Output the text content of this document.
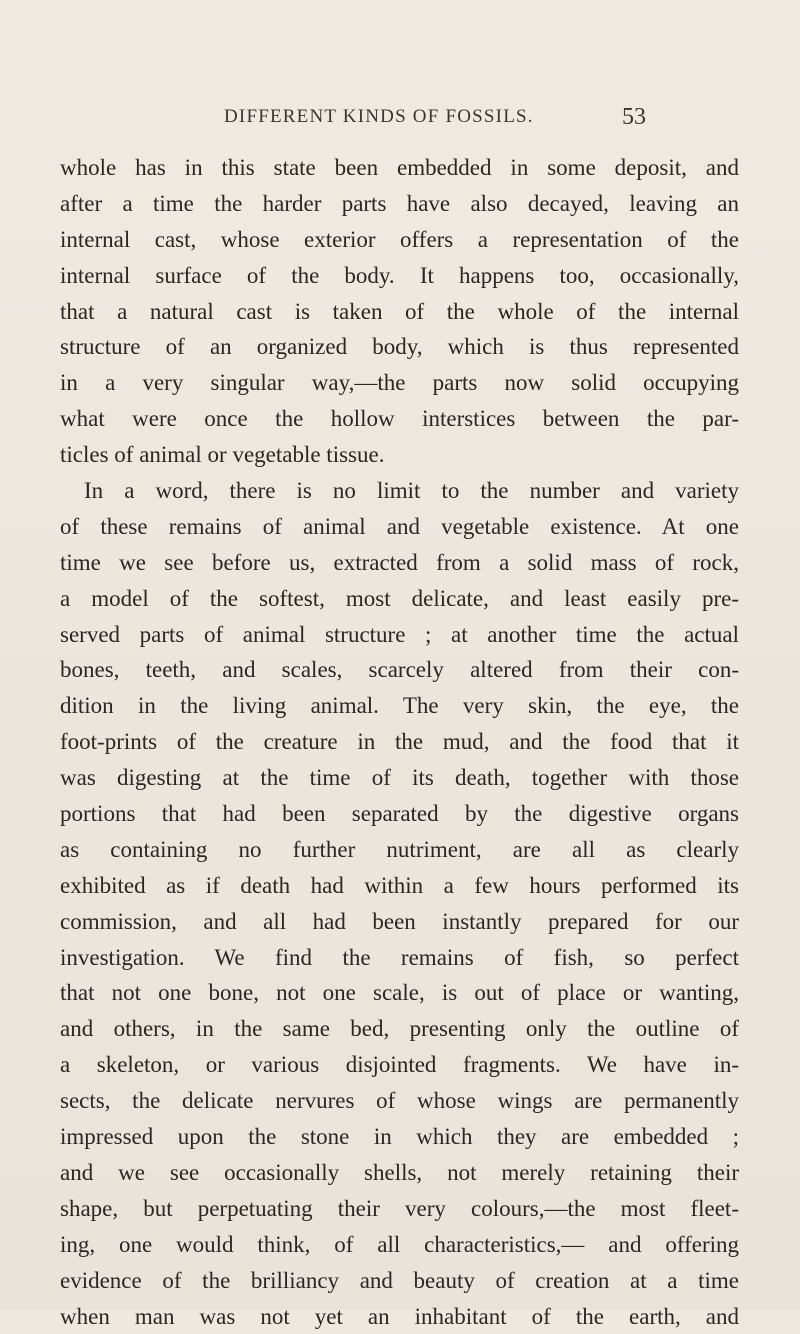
DIFFERENT KINDS OF FOSSILS.	53
whole has in this state been embedded in some deposit, and
after a time the harder parts have also decayed, leaving an
internal cast, whose exterior offers a representation of the
internal surface of the body. It happens too, occasionally,
that a natural cast is taken of the whole of the internal
structure of an organized body, which is thus represented
in a very singular way,—the parts now solid occupying
what were once the hollow interstices between the par-
ticles of animal or vegetable tissue.
In a word, there is no limit to the number and variety
of these remains of animal and vegetable existence. At one
time we see before us, extracted from a solid mass of rock,
a model of the softest, most delicate, and least easily pre-
served parts of animal structure ; at another time the actual
bones, teeth, and scales, scarcely altered from their con-
dition in the living animal. The very skin, the eye, the
foot-prints of the creature in the mud, and the food that it
was digesting at the time of its death, together with those
portions that had been separated by the digestive organs
as containing no further nutriment, are all as clearly
exhibited as if death had within a few hours performed its
commission, and all had been instantly prepared for our
investigation. We find the remains of fish, so perfect
that not one bone, not one scale, is out of place or wanting,
and others, in the same bed, presenting only the outline of
a skeleton, or various disjointed fragments. We have in-
sects, the delicate nervures of whose wings are permanently
impressed upon the stone in which they are embedded ;
and we see occasionally shells, not merely retaining their
shape, but perpetuating their very colours,—the most fleet-
ing, one would think, of all characteristics,— and offering
evidence of the brilliancy and beauty of creation at a time
when man was not yet an inhabitant of the earth, and
